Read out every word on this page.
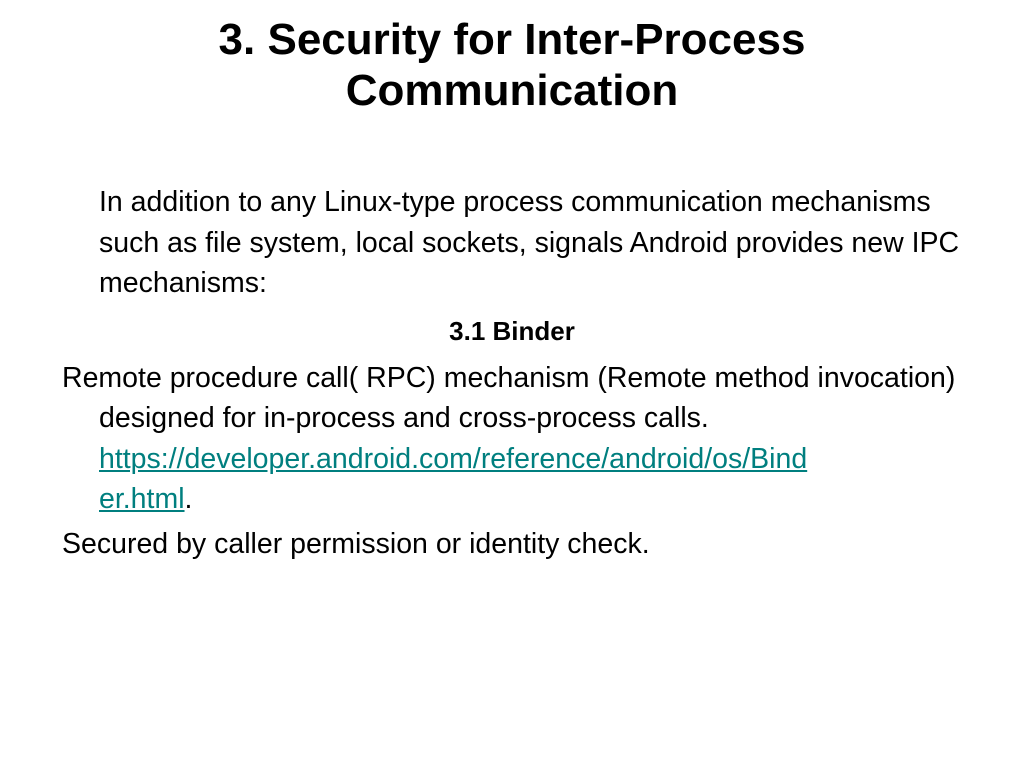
3. Security for Inter-Process
Communication

In addition to any Linux-type process communication mechanisms such as file system, local sockets, signals Android provides new IPC mechanisms:

3.1 Binder

Remote procedure call( RPC) mechanism (Remote method invocation) designed for in-process and cross-process calls.
https://developer.android.com/reference/android/os/Bind
er.html.

Secured by caller permission or identity check.
